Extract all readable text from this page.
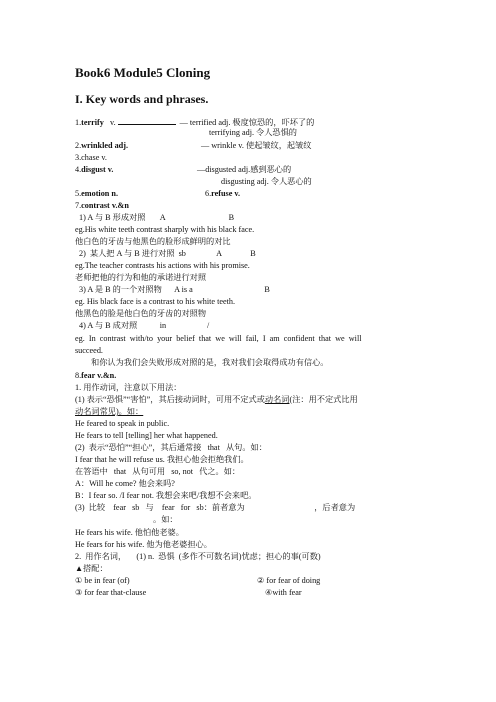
Book6 Module5 Cloning
I. Key words and phrases.
1.terrify v.	— terrified adj. 极度惊恐的，吓坏了的
terrifying adj. 令人恐惧的
2.wrinkled adj.	— wrinkle v. 使起皱纹，起皱纹
3.chase v.
4.disgust v.	—disgusted adj.感到恶心的
disgusting adj. 令人恶心的
5.emotion n.	6.refuse v.
7.contrast v.&n
1) A 与 B 形成对照       A                               B
eg.His white teeth contrast sharply with his black face.
他白色的牙齿与他黑色的脸形成鲜明的对比
2)  某人把 A 与 B 进行对照  sb               A              B
eg.The teacher contrasts his actions with his promise.
老师把他的行为和他的承诺进行对照
3) A 是 B 的一个对照物      A is a                                   B
eg. His black face is a contrast to his white teeth.
他黑色的脸是他白色的牙齿的对照物
4) A 与 B 成对照           in                    /
eg.  In  contrast  with/to  your  belief  that  we  will  fail,  I  am  confident  that  we  will
succeed.
和你认为我们会失败形成对照的是，我对我们会取得成功有信心。
8.fear v.&n.
1. 用作动词，注意以下用法：
(1) 表示“恐惧”“害怕”，其后接动词时，可用不定式或动名词(注：用不定式比用
动名词常见)。如：
He feared to speak in public.
He fears to tell [telling] her what happened.
(2)  表示“恐怕”“担心”，其后通常接   that   从句。如：
I fear that he will refuse us. 我担心他会拒绝我们。
在答语中   that   从句可用   so, not   代之。如：
A：Will he come? 他会来吗?
B：I fear so. /I fear not. 我想会来吧/我想不会来吧。
(3)  比较    fear   sb   与    fear   for   sb：前者意为                                  ，后者意为
。如：
He fears his wife. 他怕他老婆。
He fears for his wife. 他为他老婆担心。
2.  用作名词，     (1) n.  恐惧  (多作不可数名词)忧虑；担心的事(可数)
▲搭配：
① be in fear (of)	② for fear of doing
③ for fear that-clause	④with fear
